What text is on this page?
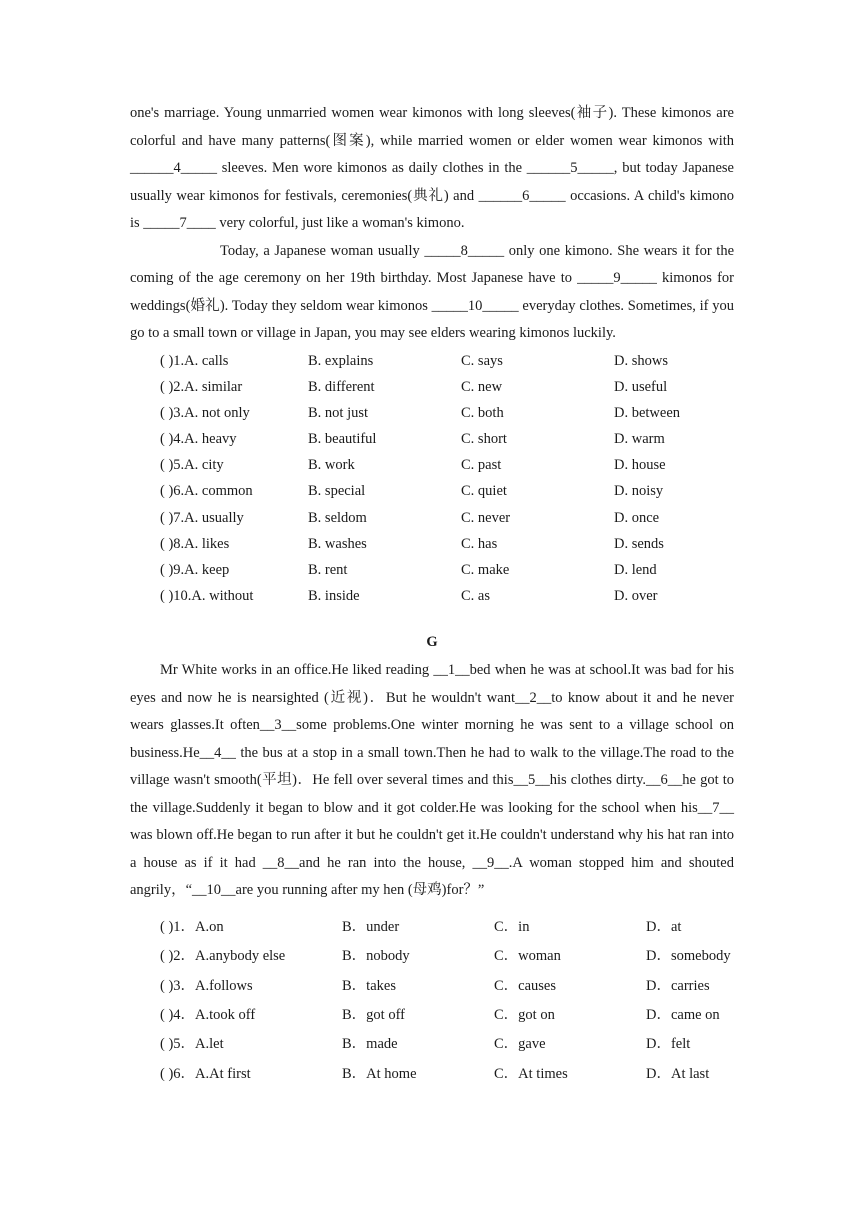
one's marriage. Young unmarried women wear kimonos with long sleeves(袖子). These kimonos are colorful and have many patterns(图案), while married women or elder women wear kimonos with ______4_____ sleeves. Men wore kimonos as daily clothes in the ______5_____, but today Japanese usually wear kimonos for festivals, ceremonies(典礼) and ______6_____ occasions. A child's kimono is _____7____ very colorful, just like a woman's kimono.

Today, a Japanese woman usually _____8_____ only one kimono. She wears it for the coming of the age ceremony on her 19th birthday. Most Japanese have to _____9_____ kimonos for weddings(婚礼). Today they seldom wear kimonos _____10_____ everyday clothes. Sometimes, if you go to a small town or village in Japan, you may see elders wearing kimonos luckily.

( )1.A. calls	B. explains	C. says	D. shows
( )2.A. similar	B. different	C. new	D. useful
( )3.A. not only	B. not just	C. both	D. between
( )4.A. heavy	B. beautiful	C. short	D. warm
( )5.A. city	B. work	C. past	D. house
( )6.A. common	B. special	C. quiet	D. noisy
( )7.A. usually	B. seldom	C. never	D. once
( )8.A. likes	B. washes	C. has	D. sends
( )9.A. keep	B. rent	C. make	D. lend
( )10.A. without	B. inside	C. as	D. over
G

Mr White works in an office.He liked reading __1__bed when he was at school.It was bad for his eyes and now he is nearsighted (近视)．But he wouldn't want__2__to know about it and he never wears glasses.It often__3__some problems.One winter morning he was sent to a village school on business.He__4__ the bus at a stop in a small town.Then he had to walk to the village.The road to the village wasn't smooth(平坦)．He fell over several times and this__5__his clothes dirty.__6__he got to the village.Suddenly it began to blow and it got colder.He was looking for the school when his__7__ was blown off.He began to run after it but he couldn't get it.He couldn't understand why his hat ran into a house as if it had __8__and he ran into the house, __9__.A woman stopped him and shouted angrily，“__10__are you running after my hen (母鸡)for？”

( )1．A.on	B．under	C．in	D．at
( )2．A.anybody else	B．nobody	C．woman	D．somebody
( )3．A.follows	B．takes	C．causes	D．carries
( )4．A.took off	B．got off	C．got on	D．came on
( )5．A.let	B．made	C．gave	D．felt
( )6．A.At first	B．At home	C．At times	D．At last
